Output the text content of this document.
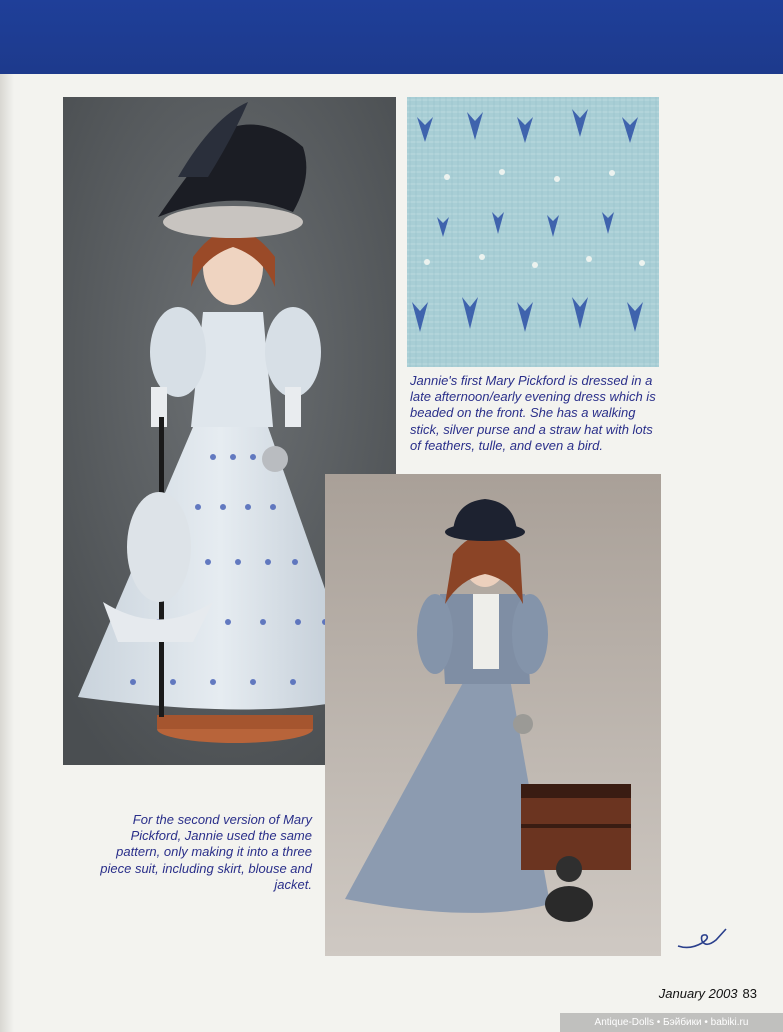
Jannie's first Mary Pickford is dressed in a late afternoon/early evening dress which is beaded on the front. She has a walking stick, silver purse and a straw hat with lots of feathers, tulle, and even a bird.

For the second version of Mary Pickford, Jannie used the same pattern, only making it into a three piece suit, including skirt, blouse and jacket.

January 2003 83
Antique-Dolls • Бэйбики • babiki.ru
